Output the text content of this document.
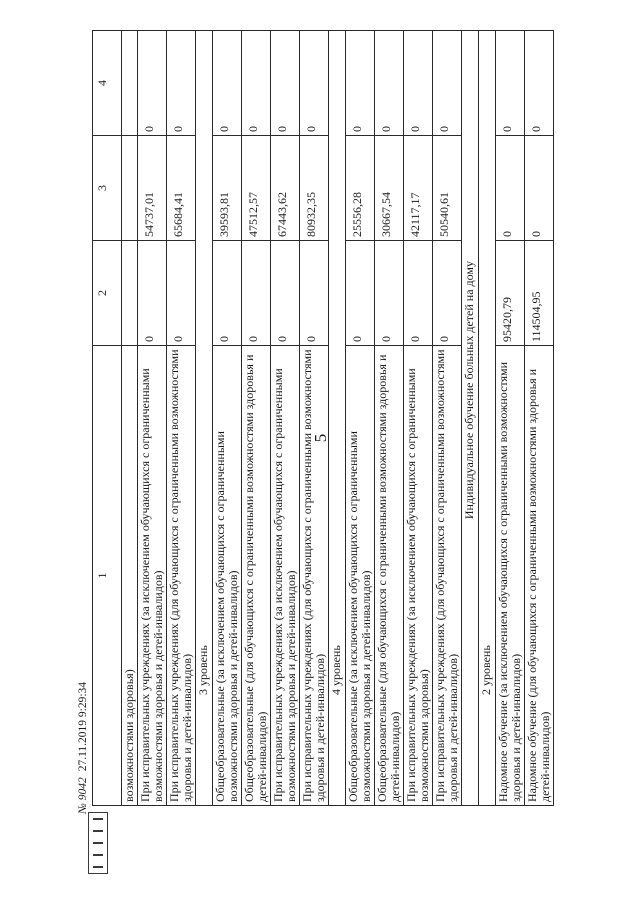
5
1	2	3	4
возможностями здоровья)	

При исправительных учреждениях (за исключением обучающихся с ограниченными возможностями здоровья и детей-инвалидов)	0	54737,01	0

При исправительных учреждениях (для обучающихся с ограниченными возможностями здоровья и детей-инвалидов)	0	65684,41	0

3 уровень			
Общеобразовательные (за исключением обучающихся с ограниченными возможностями здоровья и детей-инвалидов)	0	39593,81	0

Общеобразовательные (для обучающихся с ограниченными возможностями здоровья и детей-инвалидов)	0	47512,57	0

При исправительных учреждениях (за исключением обучающихся с ограниченными возможностями здоровья и детей-инвалидов)	0	67443,62	0

При исправительных учреждениях (для обучающихся с ограниченными возможностями здоровья и детей-инвалидов)	0	80932,35	0

4 уровень			
Общеобразовательные (за исключением обучающихся с ограниченными возможностями здоровья и детей-инвалидов)	0	25556,28	0

Общеобразовательные (для обучающихся с ограниченными возможностями здоровья и детей-инвалидов)	0	30667,54	0

При исправительных учреждениях (за исключением обучающихся с ограниченными возможностями здоровья)	0	42117,17	0

При исправительных учреждениях (для обучающихся с ограниченными возможностями здоровья и детей-инвалидов)	0	50540,61	0

Индивидуальное обучение больных детей на дому			
2 уровень			
Надомное обучение (за исключением обучающихся с ограниченными возможностями здоровья и детей-инвалидов)	95420,79	0	0

Надомное обучение (для обучающихся с ограниченными возможностями здоровья и детей-инвалидов)	114504,95	0	0
№ 9042
27.11.2019 9:29:34
